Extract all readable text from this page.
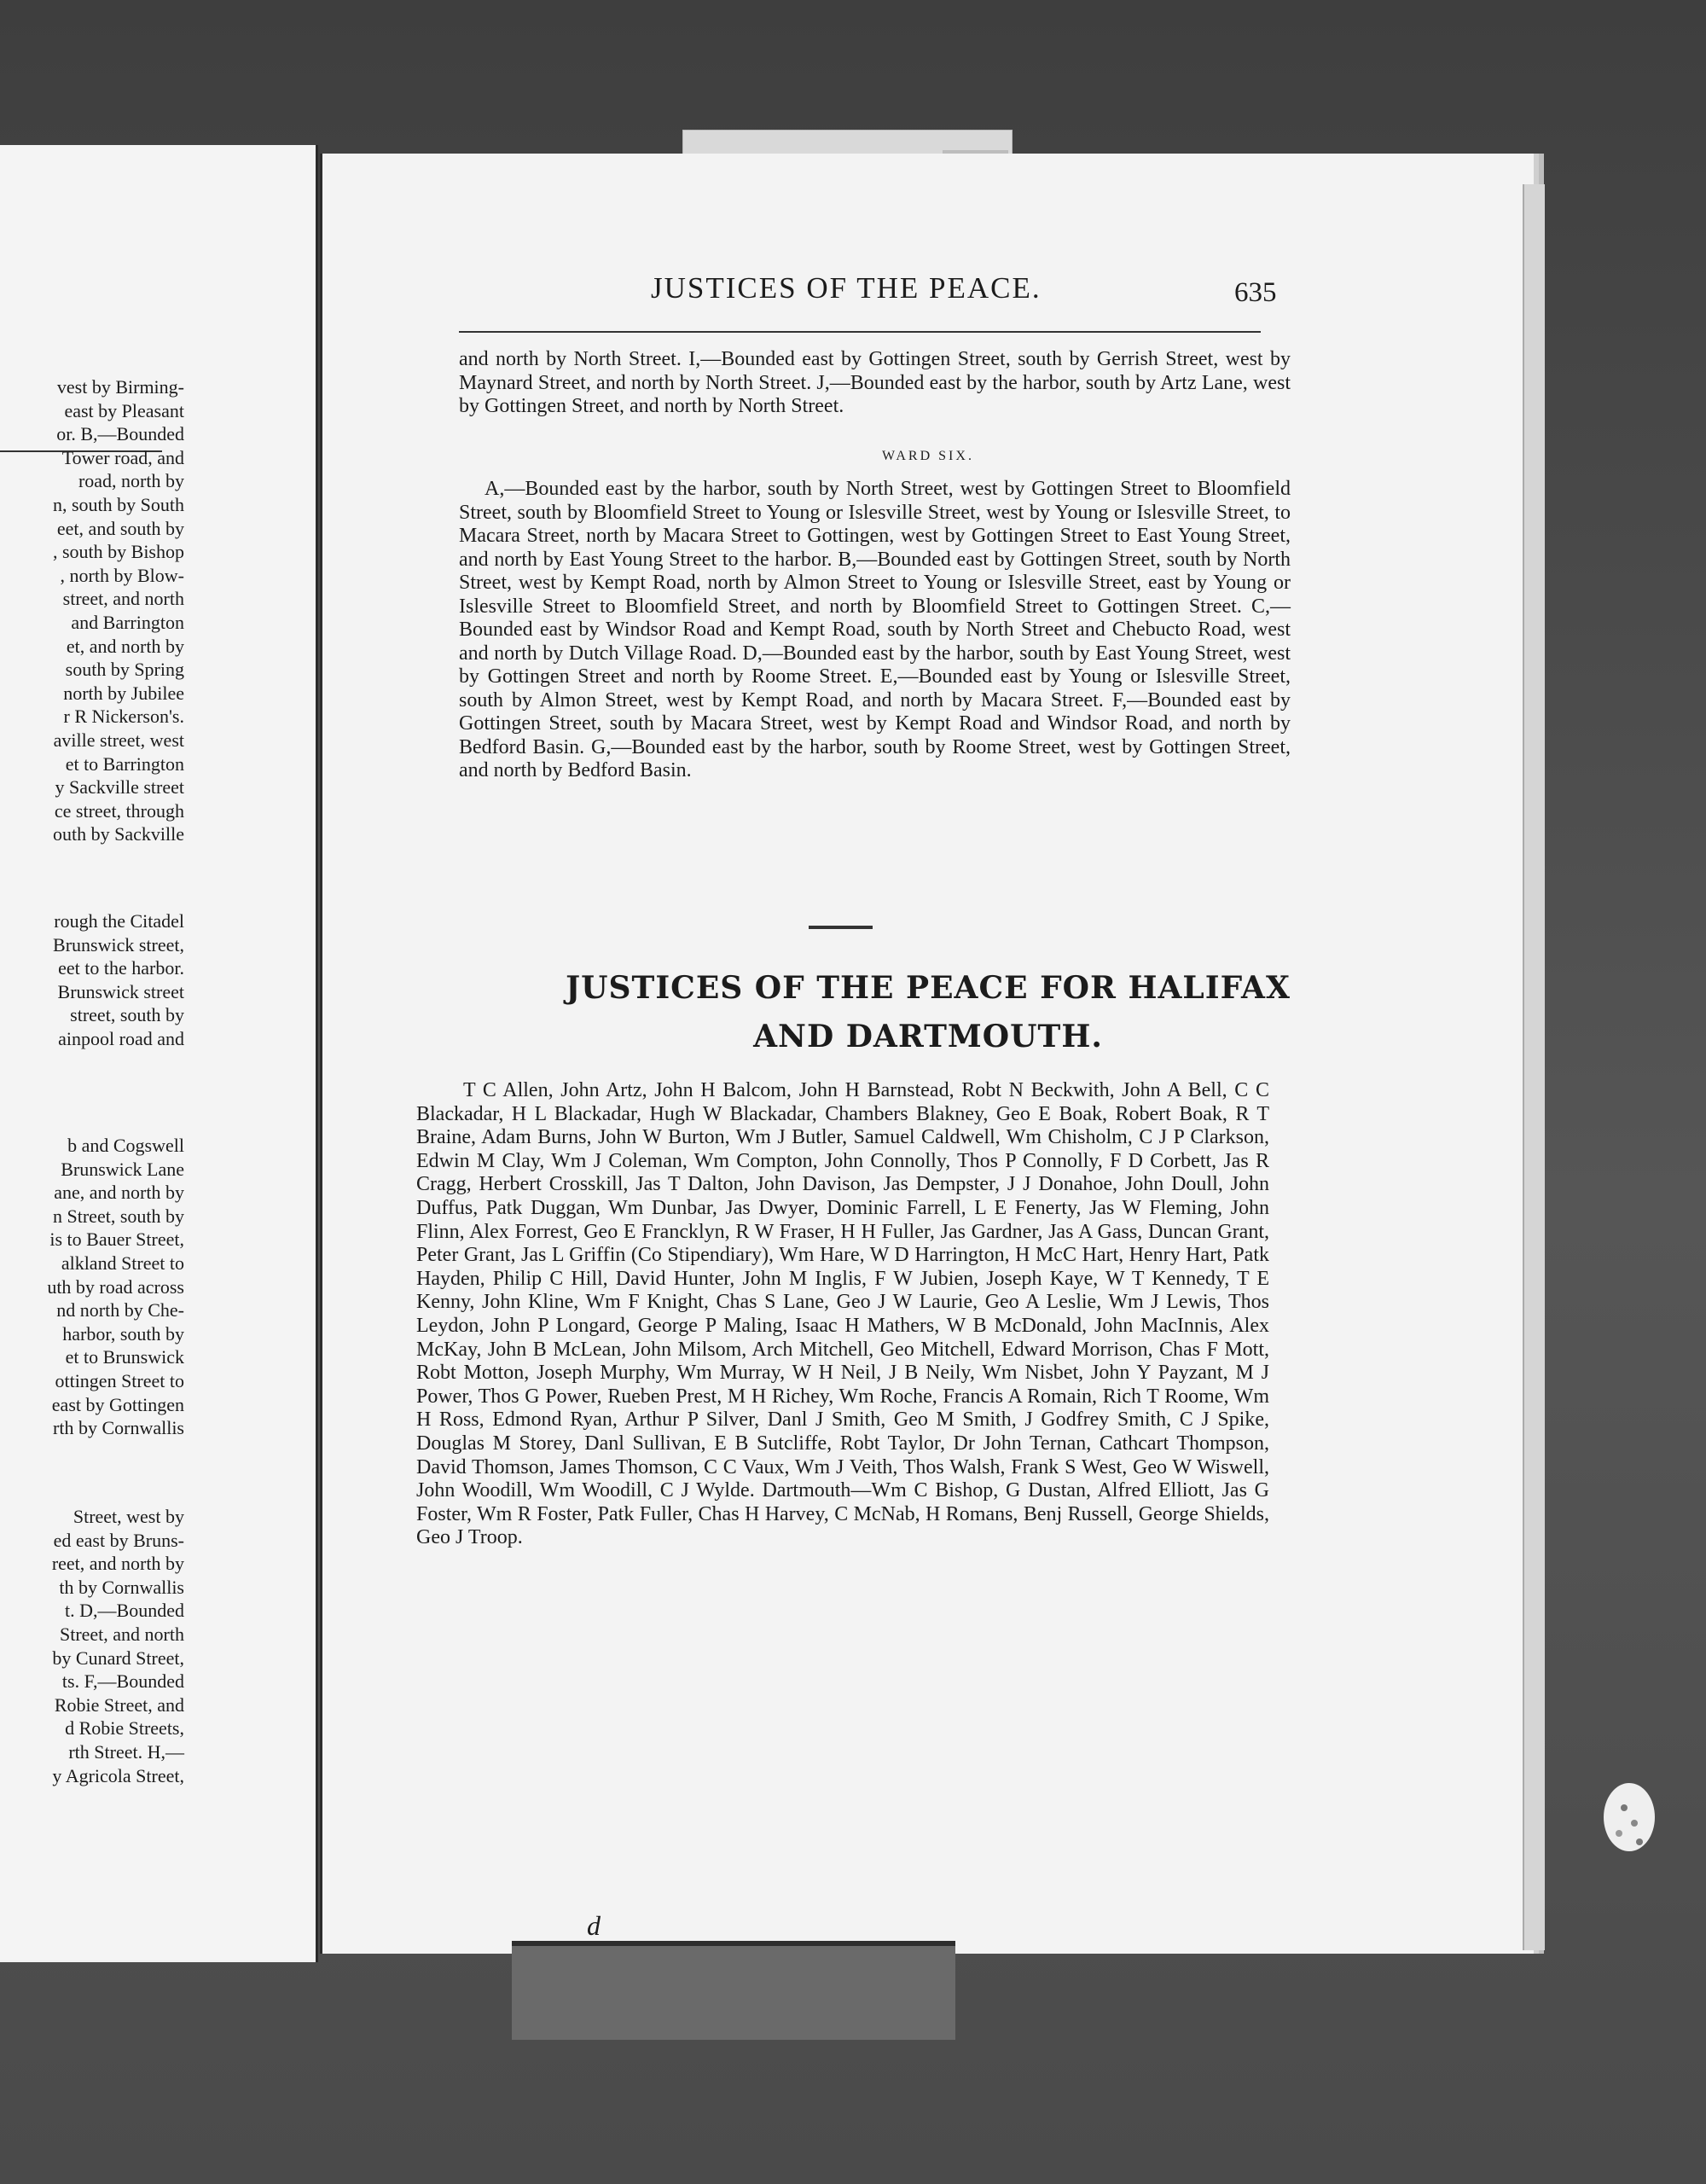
vest by Birming-
east by Pleasant
or. B,—Bounded
Tower road, and
road, north by
n, south by South
eet, and south by
, south by Bishop
, north by Blow-
street, and north
and Barrington
et, and north by
south by Spring
north by Jubilee
r R Nickerson's.
aville street, west
et to Barrington
y Sackville street
ce street, through
outh by Sackville
rough the Citadel
Brunswick street,
eet to the harbor.
Brunswick street
street, south by
ainpool road and
b and Cogswell
Brunswick Lane
ane, and north by
n Street, south by
is to Bauer Street,
alkland Street to
uth by road across
nd north by Che-
harbor, south by
et to Brunswick
ottingen Street to
east by Gottingen
rth by Cornwallis
Street, west by
ed east by Bruns-
reet, and north by
th by Cornwallis
t. D,—Bounded
Street, and north
by Cunard Street,
ts. F,—Bounded
Robie Street, and
d Robie Streets,
rth Street. H,—
y Agricola Street,
JUSTICES OF THE PEACE.	635
and north by North Street. I,—Bounded east by Gottingen Street, south by Gerrish Street, west by Maynard Street, and north by North Street. J,—Bounded east by the harbor, south by Artz Lane, west by Gottingen Street, and north by North Street.
WARD SIX.
A,—Bounded east by the harbor, south by North Street, west by Gottingen Street to Bloomfield Street, south by Bloomfield Street to Young or Islesville Street, west by Young or Islesville Street, to Macara Street, north by Macara Street to Gottingen, west by Gottingen Street to East Young Street, and north by East Young Street to the harbor. B,—Bounded east by Gottingen Street, south by North Street, west by Kempt Road, north by Almon Street to Young or Islesville Street, east by Young or Islesville Street to Bloomfield Street, and north by Bloomfield Street to Gottingen Street. C,—Bounded east by Windsor Road and Kempt Road, south by North Street and Chebucto Road, west and north by Dutch Village Road. D,—Bounded east by the harbor, south by East Young Street, west by Gottingen Street and north by Roome Street. E,—Bounded east by Young or Islesville Street, south by Almon Street, west by Kempt Road, and north by Macara Street. F,—Bounded east by Gottingen Street, south by Macara Street, west by Kempt Road and Windsor Road, and north by Bedford Basin. G,—Bounded east by the harbor, south by Roome Street, west by Gottingen Street, and north by Bedford Basin.
JUSTICES OF THE PEACE FOR HALIFAX
AND DARTMOUTH.
T C Allen, John Artz, John H Balcom, John H Barnstead, Robt N Beckwith, John A Bell, C C Blackadar, H L Blackadar, Hugh W Blackadar, Chambers Blakney, Geo E Boak, Robert Boak, R T Braine, Adam Burns, John W Burton, Wm J Butler, Samuel Caldwell, Wm Chisholm, C J P Clarkson, Edwin M Clay, Wm J Coleman, Wm Compton, John Connolly, Thos P Connolly, F D Corbett, Jas R Cragg, Herbert Crosskill, Jas T Dalton, John Davison, Jas Dempster, J J Donahoe, John Doull, John Duffus, Patk Duggan, Wm Dunbar, Jas Dwyer, Dominic Farrell, L E Fenerty, Jas W Fleming, John Flinn, Alex Forrest, Geo E Francklyn, R W Fraser, H H Fuller, Jas Gardner, Jas A Gass, Duncan Grant, Peter Grant, Jas L Griffin (Co Stipendiary), Wm Hare, W D Harrington, H McC Hart, Henry Hart, Patk Hayden, Philip C Hill, David Hunter, John M Inglis, F W Jubien, Joseph Kaye, W T Kennedy, T E Kenny, John Kline, Wm F Knight, Chas S Lane, Geo J W Laurie, Geo A Leslie, Wm J Lewis, Thos Leydon, John P Longard, George P Maling, Isaac H Mathers, W B McDonald, John MacInnis, Alex McKay, John B McLean, John Milsom, Arch Mitchell, Geo Mitchell, Edward Morrison, Chas F Mott, Robt Motton, Joseph Murphy, Wm Murray, W H Neil, J B Neily, Wm Nisbet, John Y Payzant, M J Power, Thos G Power, Rueben Prest, M H Richey, Wm Roche, Francis A Romain, Rich T Roome, Wm H Ross, Edmond Ryan, Arthur P Silver, Danl J Smith, Geo M Smith, J Godfrey Smith, C J Spike, Douglas M Storey, Danl Sullivan, E B Sutcliffe, Robt Taylor, Dr John Ternan, Cathcart Thompson, David Thomson, James Thomson, C C Vaux, Wm J Veith, Thos Walsh, Frank S West, Geo W Wiswell, John Woodill, Wm Woodill, C J Wylde. Dartmouth—Wm C Bishop, G Dustan, Alfred Elliott, Jas G Foster, Wm R Foster, Patk Fuller, Chas H Harvey, C McNab, H Romans, Benj Russell, George Shields, Geo J Troop.
d
